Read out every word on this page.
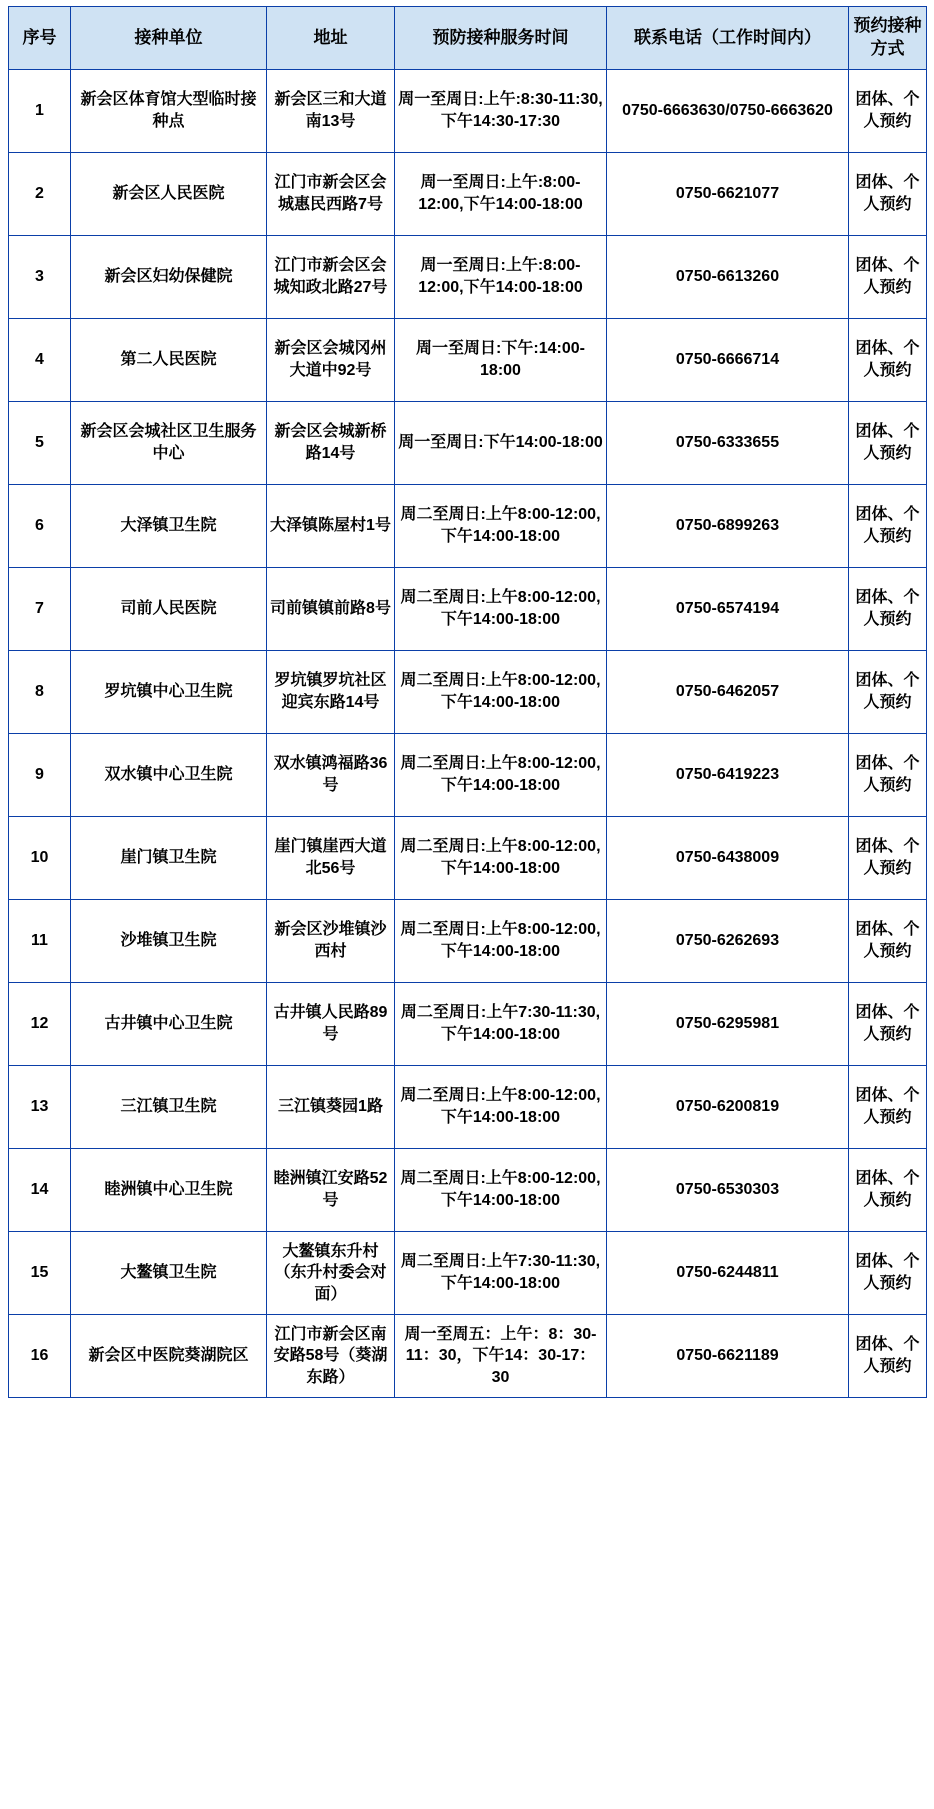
序号	接种单位	地址	预防接种服务时间	联系电话（工作时间内）	预约接种方式
1	新会区体育馆大型临时接种点	新会区三和大道南13号	周一至周日:上午:8:30-11:30,下午14:30-17:30	0750-6663630/0750-6663620	团体、个人预约
2	新会区人民医院	江门市新会区会城惠民西路7号	周一至周日:上午:8:00-12:00,下午14:00-18:00	0750-6621077	团体、个人预约
3	新会区妇幼保健院	江门市新会区会城知政北路27号	周一至周日:上午:8:00-12:00,下午14:00-18:00	0750-6613260	团体、个人预约
4	第二人民医院	新会区会城冈州大道中92号	周一至周日:下午:14:00-18:00	0750-6666714	团体、个人预约
5	新会区会城社区卫生服务中心	新会区会城新桥路14号	周一至周日:下午14:00-18:00	0750-6333655	团体、个人预约
6	大泽镇卫生院	大泽镇陈屋村1号	周二至周日:上午8:00-12:00,下午14:00-18:00	0750-6899263	团体、个人预约
7	司前人民医院	司前镇镇前路8号	周二至周日:上午8:00-12:00,下午14:00-18:00	0750-6574194	团体、个人预约
8	罗坑镇中心卫生院	罗坑镇罗坑社区迎宾东路14号	周二至周日:上午8:00-12:00,下午14:00-18:00	0750-6462057	团体、个人预约
9	双水镇中心卫生院	双水镇鸿福路36号	周二至周日:上午8:00-12:00,下午14:00-18:00	0750-6419223	团体、个人预约
10	崖门镇卫生院	崖门镇崖西大道北56号	周二至周日:上午8:00-12:00,下午14:00-18:00	0750-6438009	团体、个人预约
11	沙堆镇卫生院	新会区沙堆镇沙西村	周二至周日:上午8:00-12:00,下午14:00-18:00	0750-6262693	团体、个人预约
12	古井镇中心卫生院	古井镇人民路89号	周二至周日:上午7:30-11:30,下午14:00-18:00	0750-6295981	团体、个人预约
13	三江镇卫生院	三江镇葵园1路	周二至周日:上午8:00-12:00,下午14:00-18:00	0750-6200819	团体、个人预约
14	睦洲镇中心卫生院	睦洲镇江安路52号	周二至周日:上午8:00-12:00,下午14:00-18:00	0750-6530303	团体、个人预约
15	大鳌镇卫生院	大鳌镇东升村（东升村委会对面）	周二至周日:上午7:30-11:30,下午14:00-18:00	0750-6244811	团体、个人预约
16	新会区中医院葵湖院区	江门市新会区南安路58号（葵湖东路）	周一至周五：上午：8：30-11：30，下午14：30-17：30	0750-6621189	团体、个人预约
